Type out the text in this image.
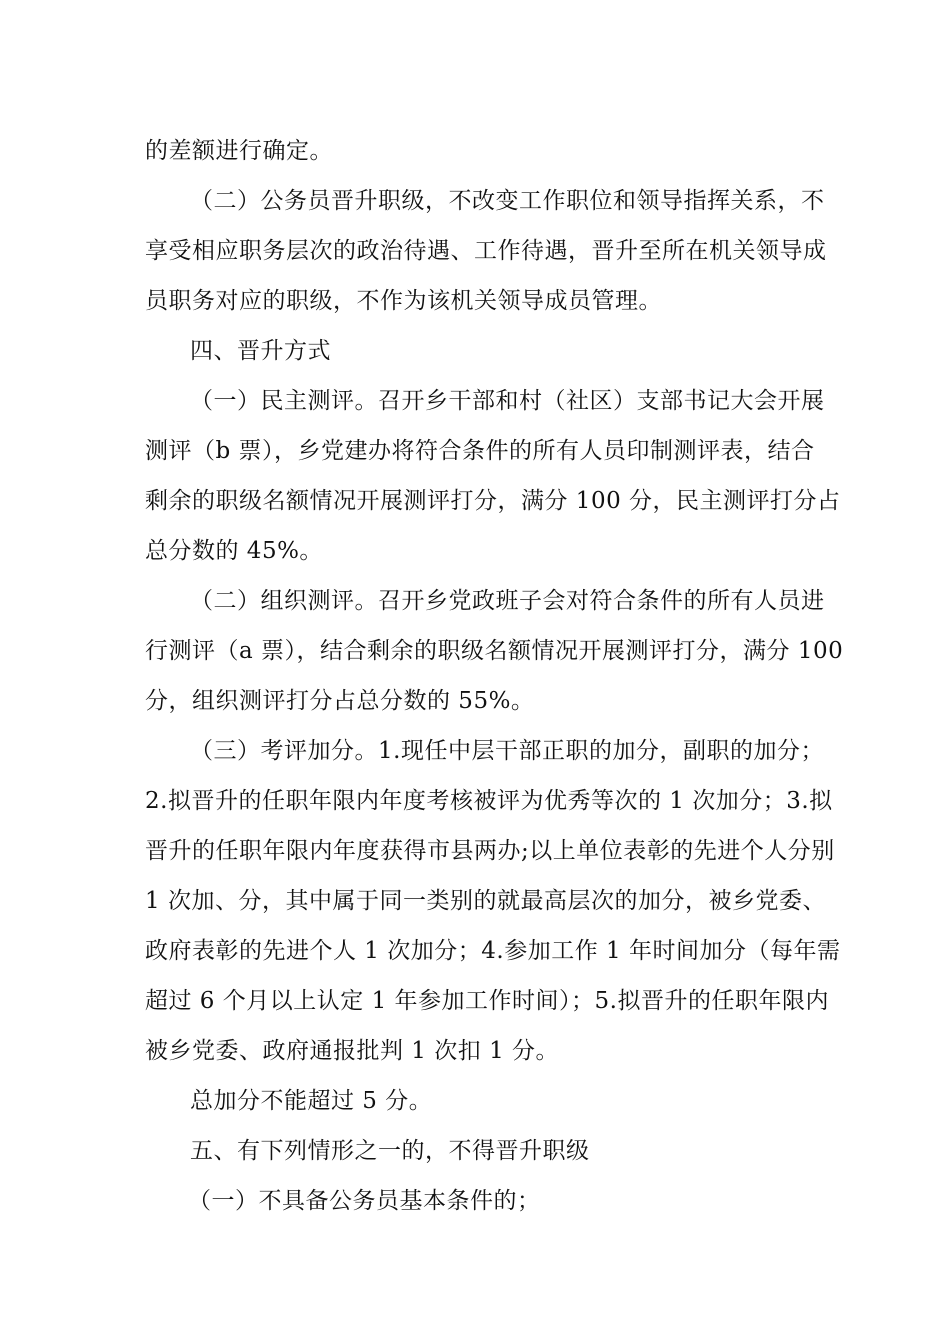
的差额进行确定。
（二）公务员晋升职级，不改变工作职位和领导指挥关系，不
享受相应职务层次的政治待遇、工作待遇，晋升至所在机关领导成
员职务对应的职级，不作为该机关领导成员管理。
四、晋升方式
（一）民主测评。召开乡干部和村（社区）支部书记大会开展
测评（b 票），乡党建办将符合条件的所有人员印制测评表，结合
剩余的职级名额情况开展测评打分，满分 100 分，民主测评打分占
总分数的 45%。
（二）组织测评。召开乡党政班子会对符合条件的所有人员进
行测评（a 票），结合剩余的职级名额情况开展测评打分，满分 100
分，组织测评打分占总分数的 55%。
（三）考评加分。1.现任中层干部正职的加分，副职的加分；
2.拟晋升的任职年限内年度考核被评为优秀等次的 1 次加分；3.拟
晋升的任职年限内年度获得市县两办;以上单位表彰的先进个人分别
1 次加、分，其中属于同一类别的就最高层次的加分，被乡党委、
政府表彰的先进个人 1 次加分；4.参加工作 1 年时间加分（每年需
超过 6 个月以上认定 1 年参加工作时间）；5.拟晋升的任职年限内
被乡党委、政府通报批判 1 次扣 1 分。
总加分不能超过 5 分。
五、有下列情形之一的，不得晋升职级
（一）不具备公务员基本条件的；
